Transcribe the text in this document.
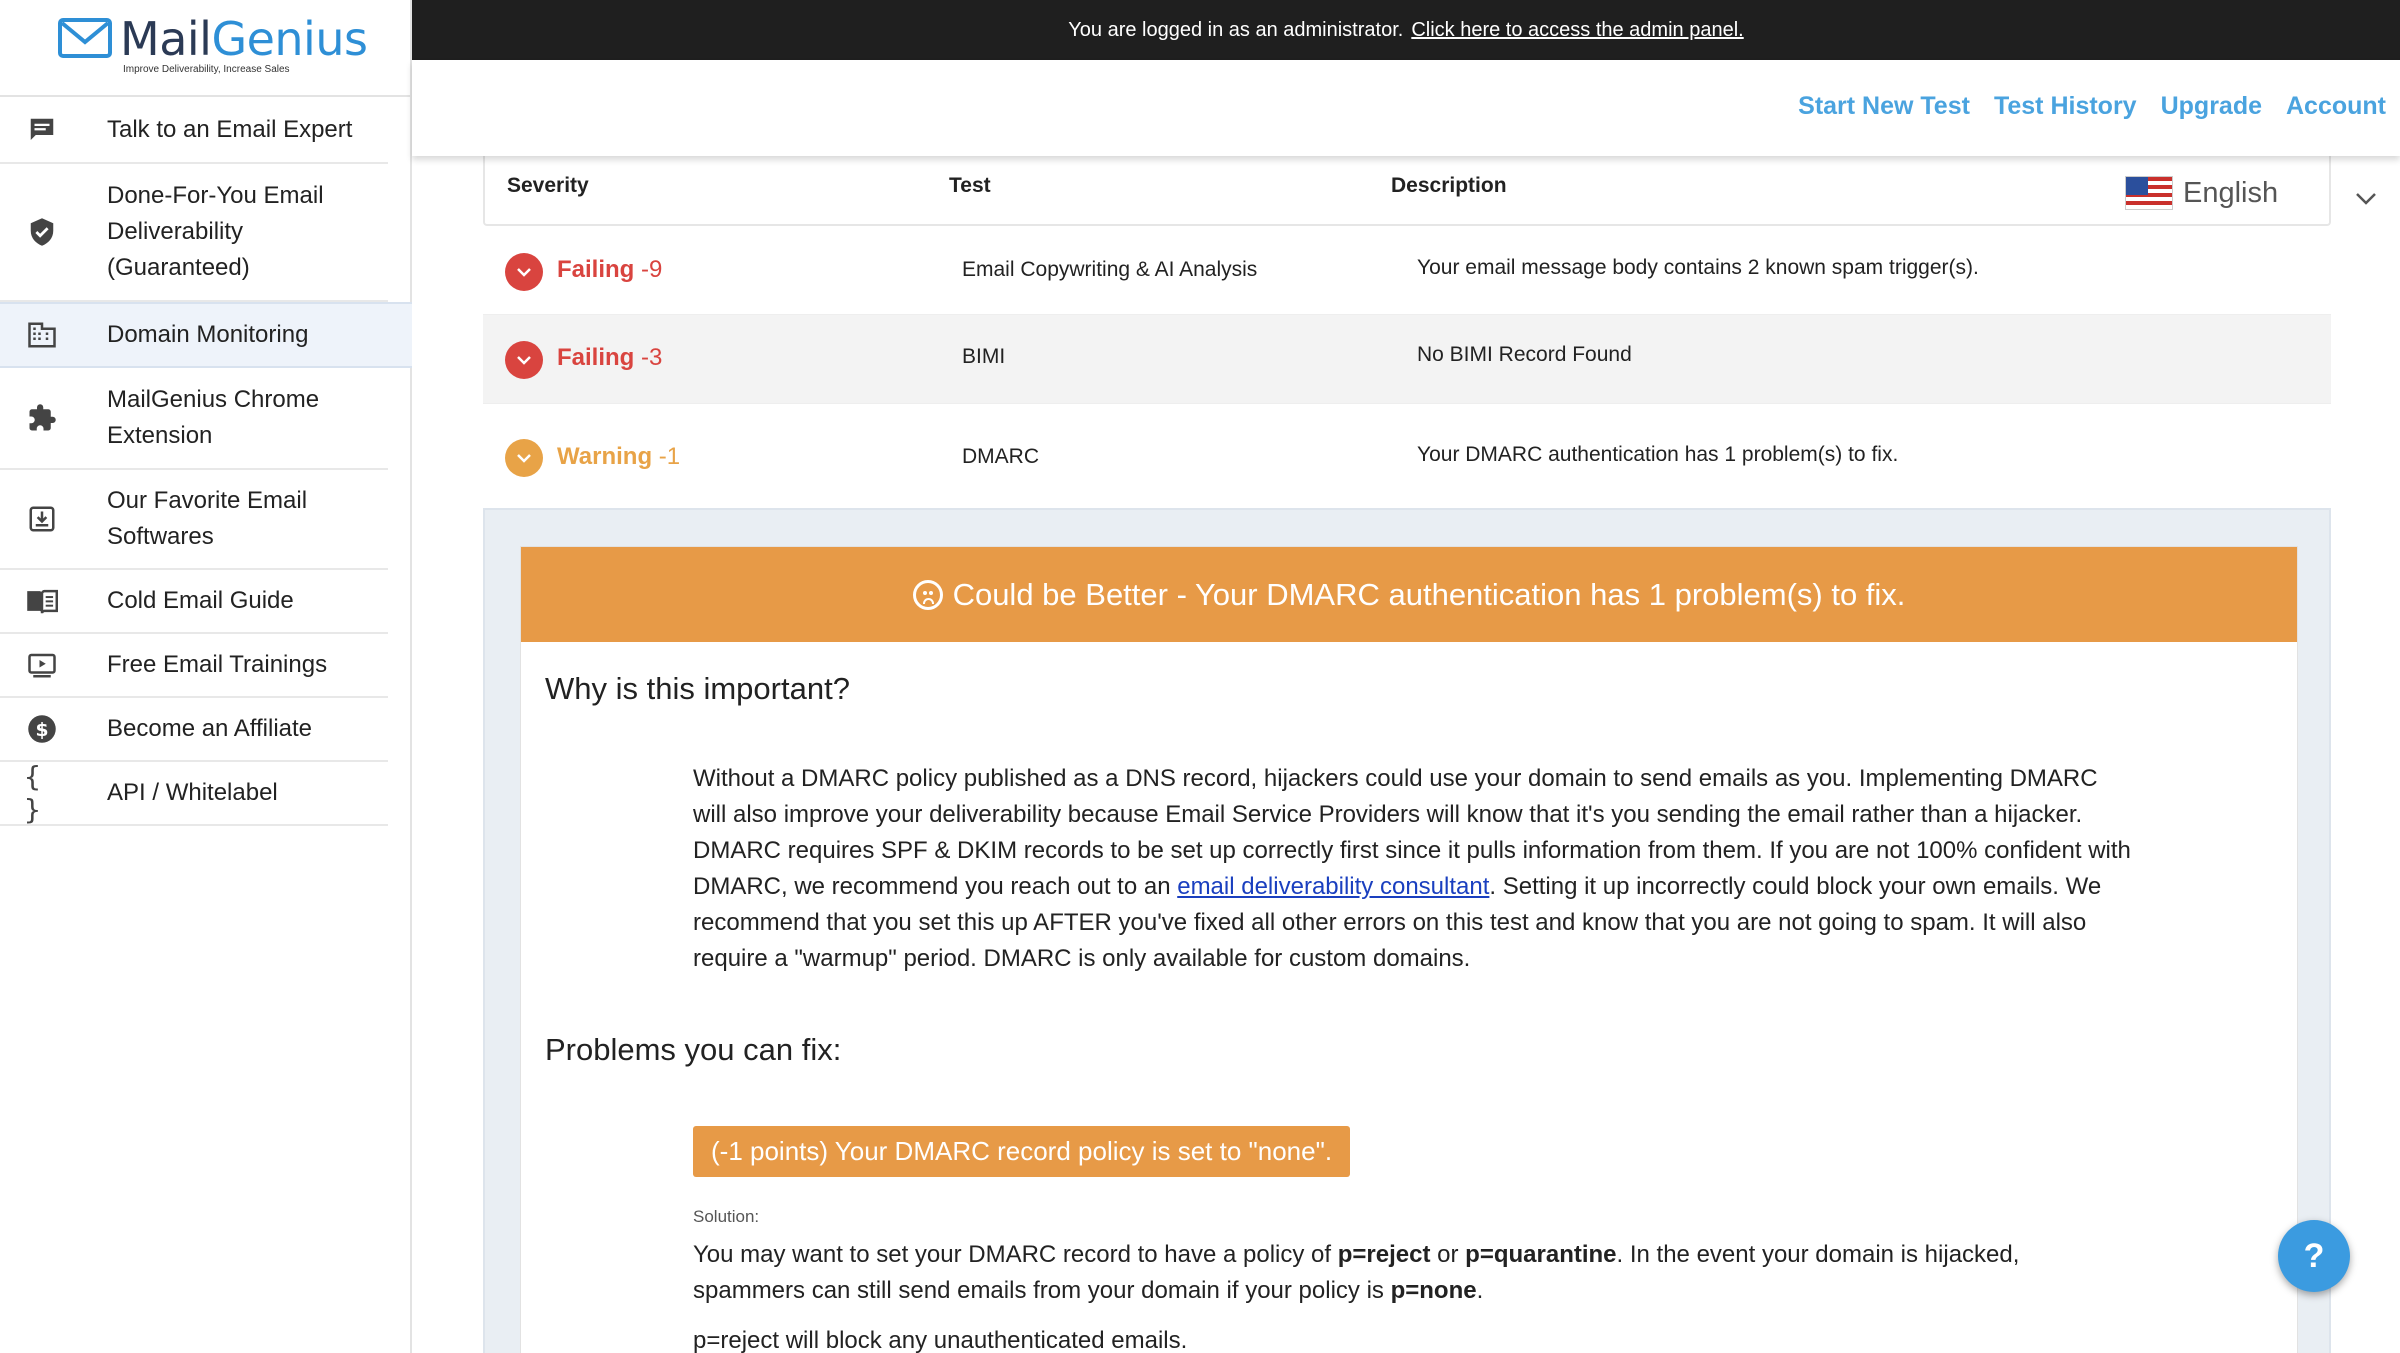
MailGenius
Improve Deliverability, Increase Sales
Talk to an Email Expert
Done-For-You Email Deliverability (Guaranteed)
Domain Monitoring
MailGenius Chrome Extension
Our Favorite Email Softwares
Cold Email Guide
Free Email Trainings
$ Become an Affiliate
{ }
API / Whitelabel
You are logged in as an administrator. Click here to access the admin panel.
Start New Test Test History Upgrade Account
Severity	Test	Description	English
Failing -9	Email Copywriting & AI Analysis	Your email message body contains 2 known spam trigger(s).
Failing -3	BIMI	No BIMI Record Found
Warning -1	DMARC	Your DMARC authentication has 1 problem(s) to fix.
Could be Better - Your DMARC authentication has 1 problem(s) to fix.
Why is this important?
Without a DMARC policy published as a DNS record, hijackers could use your domain to send emails as you. Implementing DMARC will also improve your deliverability because Email Service Providers will know that it's you sending the email rather than a hijacker. DMARC requires SPF & DKIM records to be set up correctly first since it pulls information from them. If you are not 100% confident with DMARC, we recommend you reach out to an email deliverability consultant. Setting it up incorrectly could block your own emails. We recommend that you set this up AFTER you've fixed all other errors on this test and know that you are not going to spam. It will also require a "warmup" period. DMARC is only available for custom domains.
Problems you can fix:
(-1 points) Your DMARC record policy is set to "none".
Solution:
You may want to set your DMARC record to have a policy of p=reject or p=quarantine. In the event your domain is hijacked, spammers can still send emails from your domain if your policy is p=none.
p=reject will block any unauthenticated emails.
?
